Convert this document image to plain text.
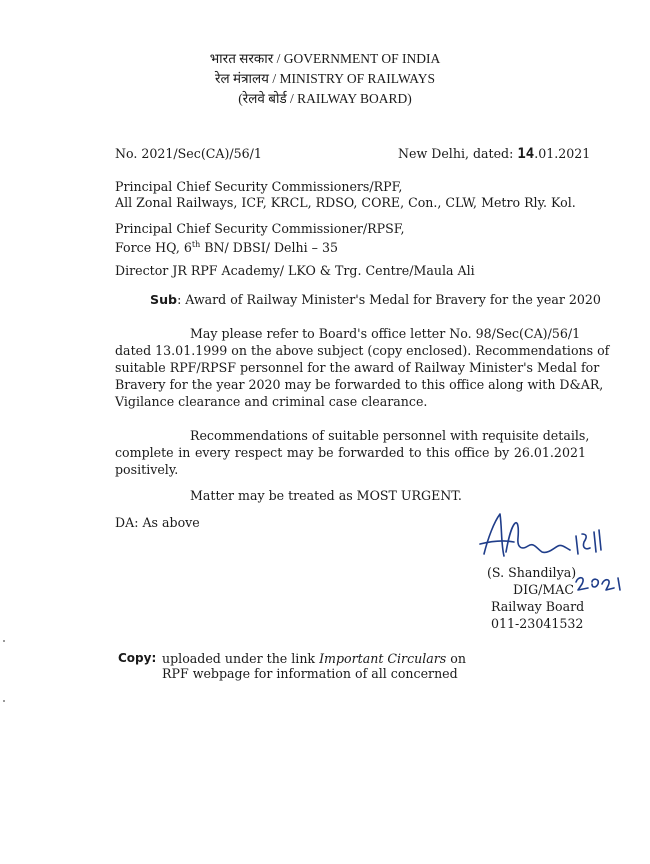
भारत सरकार / GOVERNMENT OF INDIA
रेल मंत्रालय / MINISTRY OF RAILWAYS
(रेलवे बोर्ड / RAILWAY BOARD)
No. 2021/Sec(CA)/56/1	New Delhi, dated: 14.01.2021
Principal Chief Security Commissioners/RPF,
All Zonal Railways, ICF, KRCL, RDSO, CORE, Con., CLW, Metro Rly. Kol.
Principal Chief Security Commissioner/RPSF,
Force HQ, 6th BN/ DBSI/ Delhi – 35
Director JR RPF Academy/ LKO & Trg. Centre/Maula Ali
Sub: Award of Railway Minister's Medal for Bravery for the year 2020
May please refer to Board's office letter No. 98/Sec(CA)/56/1
dated 13.01.1999 on the above subject (copy enclosed). Recommendations of
suitable RPF/RPSF personnel for the award of Railway Minister's Medal for
Bravery for the year 2020 may be forwarded to this office along with D&AR,
Vigilance clearance and criminal case clearance.
Recommendations of suitable personnel with requisite details,
complete in every respect may be forwarded to this office by 26.01.2021
positively.
Matter may be treated as MOST URGENT.
DA: As above
(S. Shandilya)
DIG/MAC
Railway Board
011-23041532
Copy: uploaded under the link Important Circulars on
RPF webpage for information of all concerned
